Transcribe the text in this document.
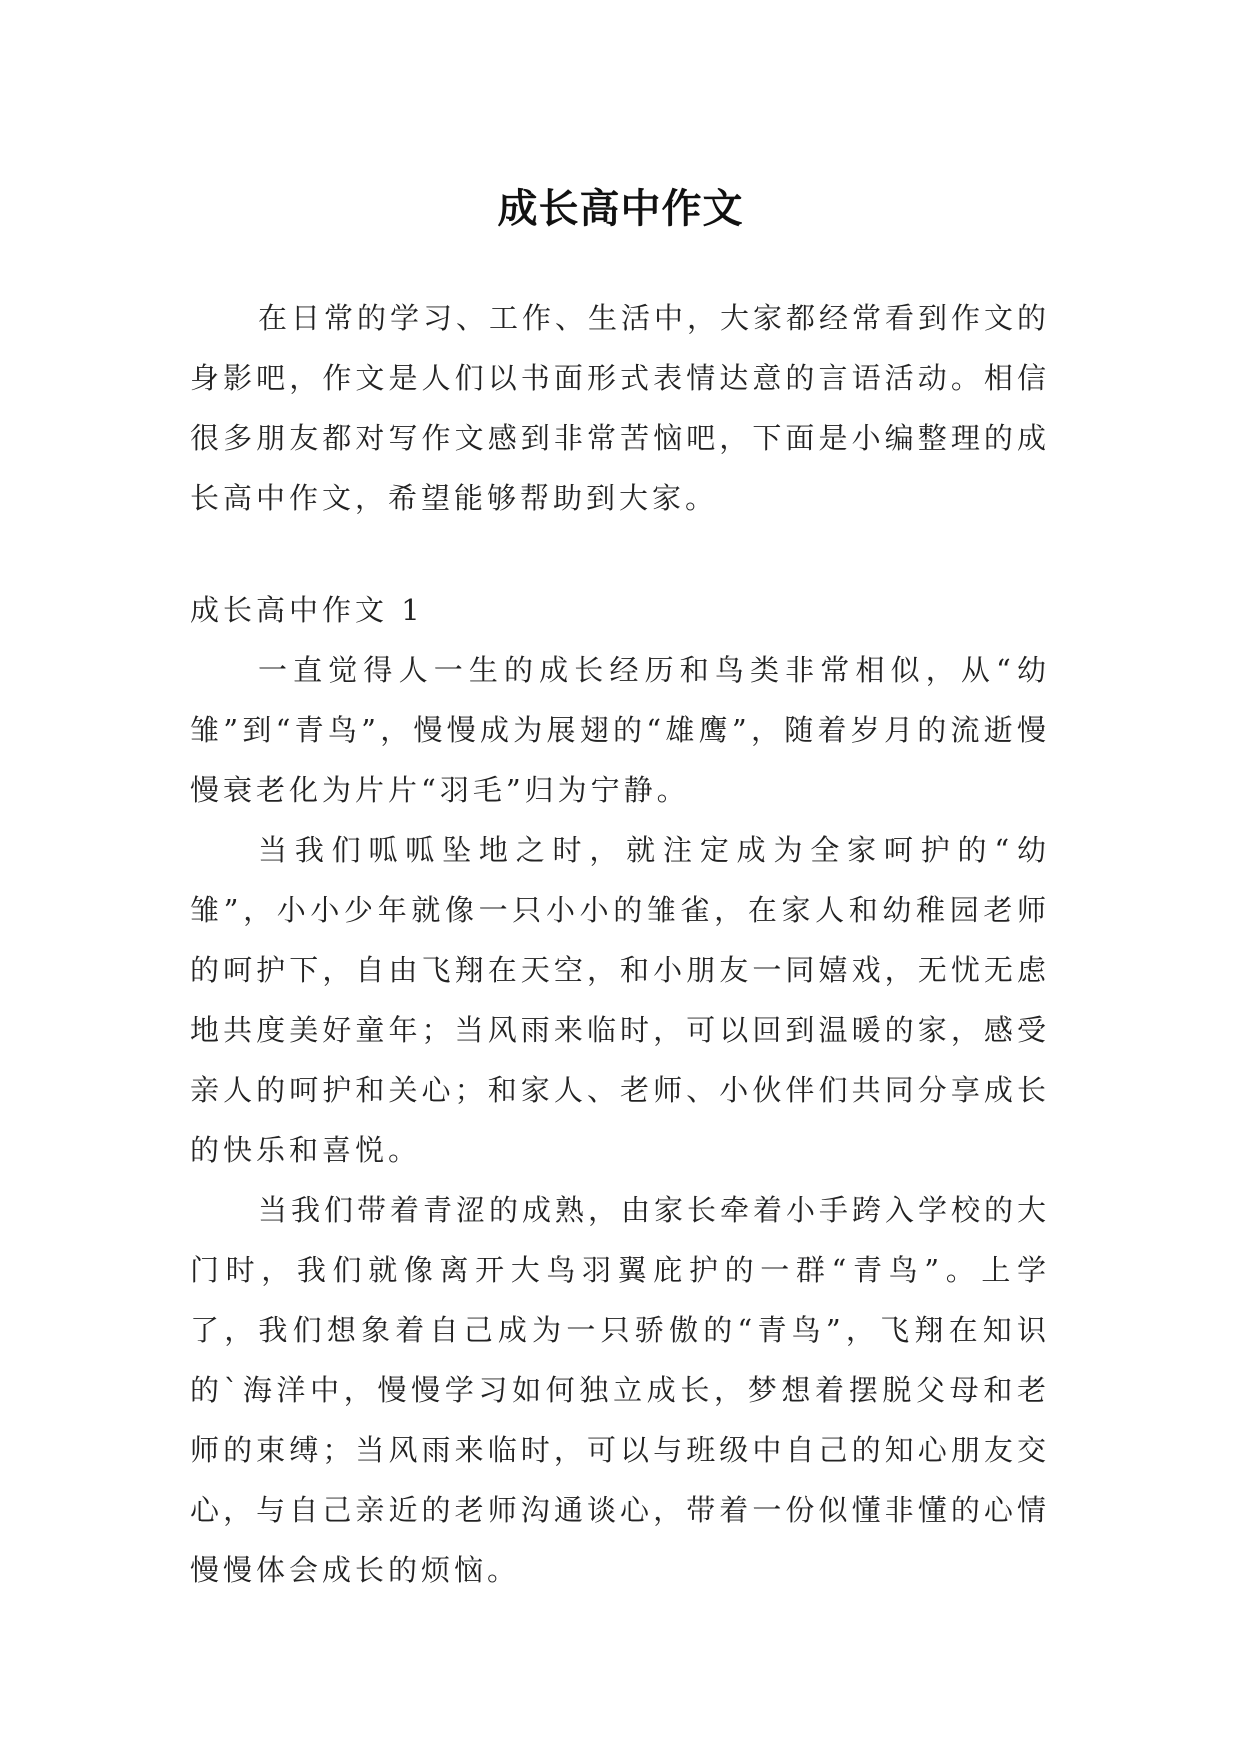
成长高中作文

在日常的学习、工作、生活中，大家都经常看到作文的身影吧，作文是人们以书面形式表情达意的言语活动。相信很多朋友都对写作文感到非常苦恼吧，下面是小编整理的成长高中作文，希望能够帮助到大家。

成长高中作文 1

一直觉得人一生的成长经历和鸟类非常相似，从“幼雏”到“青鸟”，慢慢成为展翅的“雄鹰”，随着岁月的流逝慢慢衰老化为片片“羽毛”归为宁静。

当我们呱呱坠地之时，就注定成为全家呵护的“幼雏”，小小少年就像一只小小的雏雀，在家人和幼稚园老师的呵护下，自由飞翔在天空，和小朋友一同嬉戏，无忧无虑地共度美好童年；当风雨来临时，可以回到温暖的家，感受亲人的呵护和关心；和家人、老师、小伙伴们共同分享成长的快乐和喜悦。

当我们带着青涩的成熟，由家长牵着小手跨入学校的大门时，我们就像离开大鸟羽翼庇护的一群“青鸟”。上学了，我们想象着自己成为一只骄傲的“青鸟”，飞翔在知识的`海洋中，慢慢学习如何独立成长，梦想着摆脱父母和老师的束缚；当风雨来临时，可以与班级中自己的知心朋友交心，与自己亲近的老师沟通谈心，带着一份似懂非懂的心情慢慢体会成长的烦恼。
